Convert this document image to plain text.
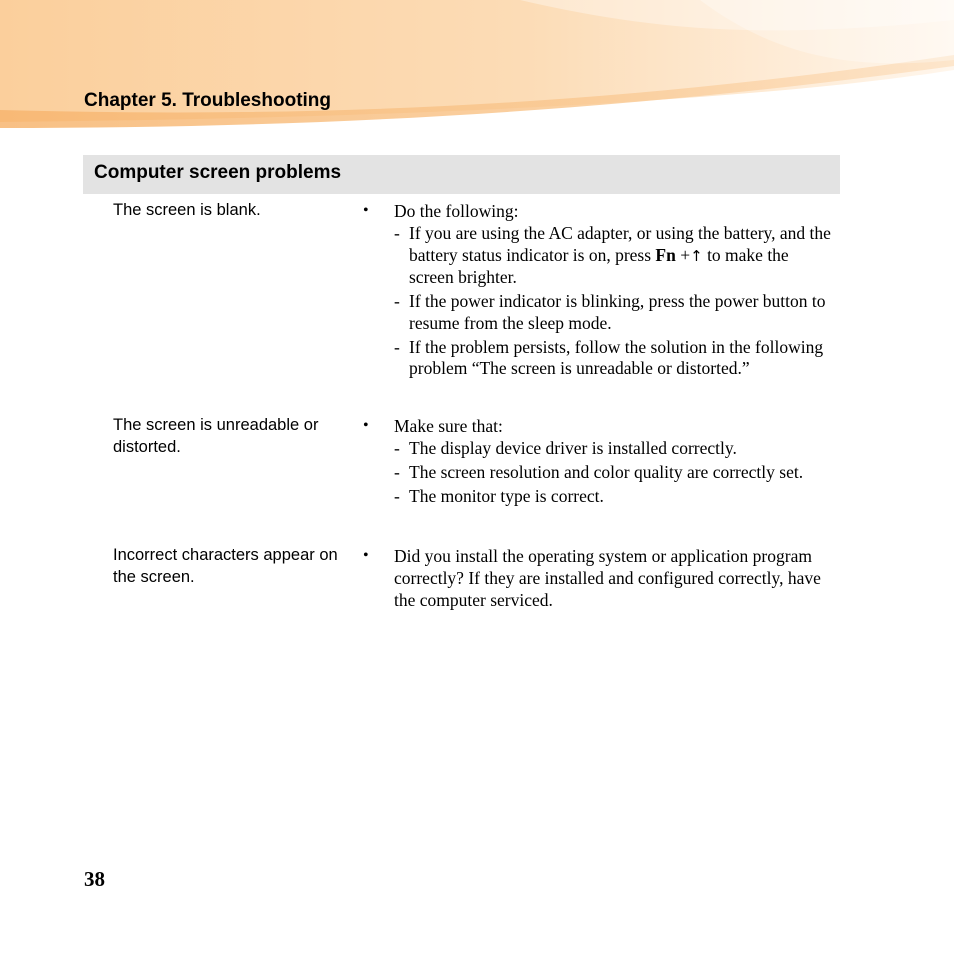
Chapter 5. Troubleshooting
Computer screen problems
The screen is blank.	• Do the following:
- If you are using the AC adapter, or using the battery, and the battery status indicator is on, press Fn +↑ to make the screen brighter.
- If the power indicator is blinking, press the power button to resume from the sleep mode.
- If the problem persists, follow the solution in the following problem “The screen is unreadable or distorted.”
The screen is unreadable or distorted.
• Make sure that:
- The display device driver is installed correctly.
- The screen resolution and color quality are correctly set.
- The monitor type is correct.
Incorrect characters appear on the screen.
• Did you install the operating system or application program correctly? If they are installed and configured correctly, have the computer serviced.
38
